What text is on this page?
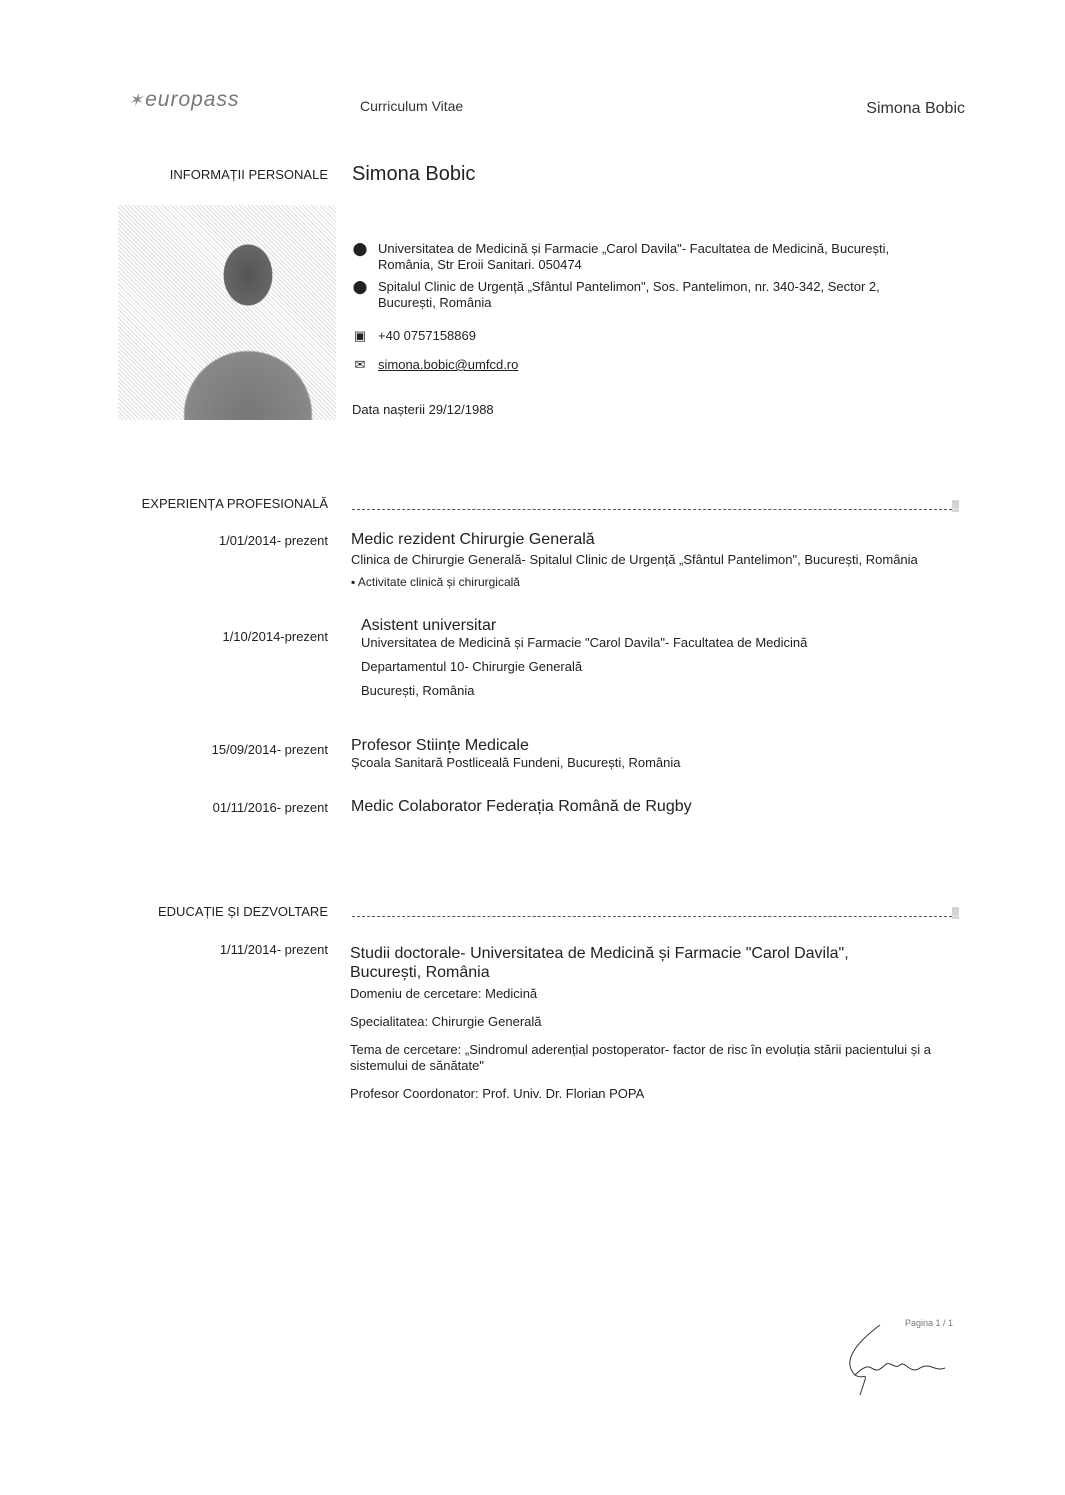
✶europass	Curriculum Vitae	Simona Bobic
INFORMAȚII PERSONALE Simona Bobic
⬤ Universitatea de Medicină și Farmacie „Carol Davila"- Facultatea de Medicină, București, România, Str Eroii Sanitari. 050474
⬤ Spitalul Clinic de Urgență „Sfântul Pantelimon", Sos. Pantelimon, nr. 340-342, Sector 2, București, România
▣ +40 0757158869
✉ simona.bobic@umfcd.ro
Data nașterii 29/12/1988
EXPERIENȚA PROFESIONALĂ	▒
1/01/2014- prezent Medic rezident Chirurgie Generală
Clinica de Chirurgie Generală- Spitalul Clinic de Urgență „Sfântul Pantelimon", București, România
▪ Activitate clinică și chirurgicală
1/10/2014-prezent
Asistent universitar
Universitatea de Medicină și Farmacie "Carol Davila"- Facultatea de Medicină
Departamentul 10- Chirurgie Generală
București, România
15/09/2014- prezent Profesor Stiințe Medicale
Școala Sanitară Postliceală Fundeni, București, România
01/11/2016- prezent Medic Colaborator Federația Română de Rugby
EDUCAȚIE ȘI DEZVOLTARE	▒
1/11/2014- prezent Studii doctorale- Universitatea de Medicină și Farmacie "Carol Davila", București, România
Domeniu de cercetare: Medicină
Specialitatea: Chirurgie Generală
Tema de cercetare: „Sindromul aderențial postoperator- factor de risc în evoluția stării pacientului și a sistemului de sănătate"
Profesor Coordonator: Prof. Univ. Dr. Florian POPA
Pagina 1 / 1
